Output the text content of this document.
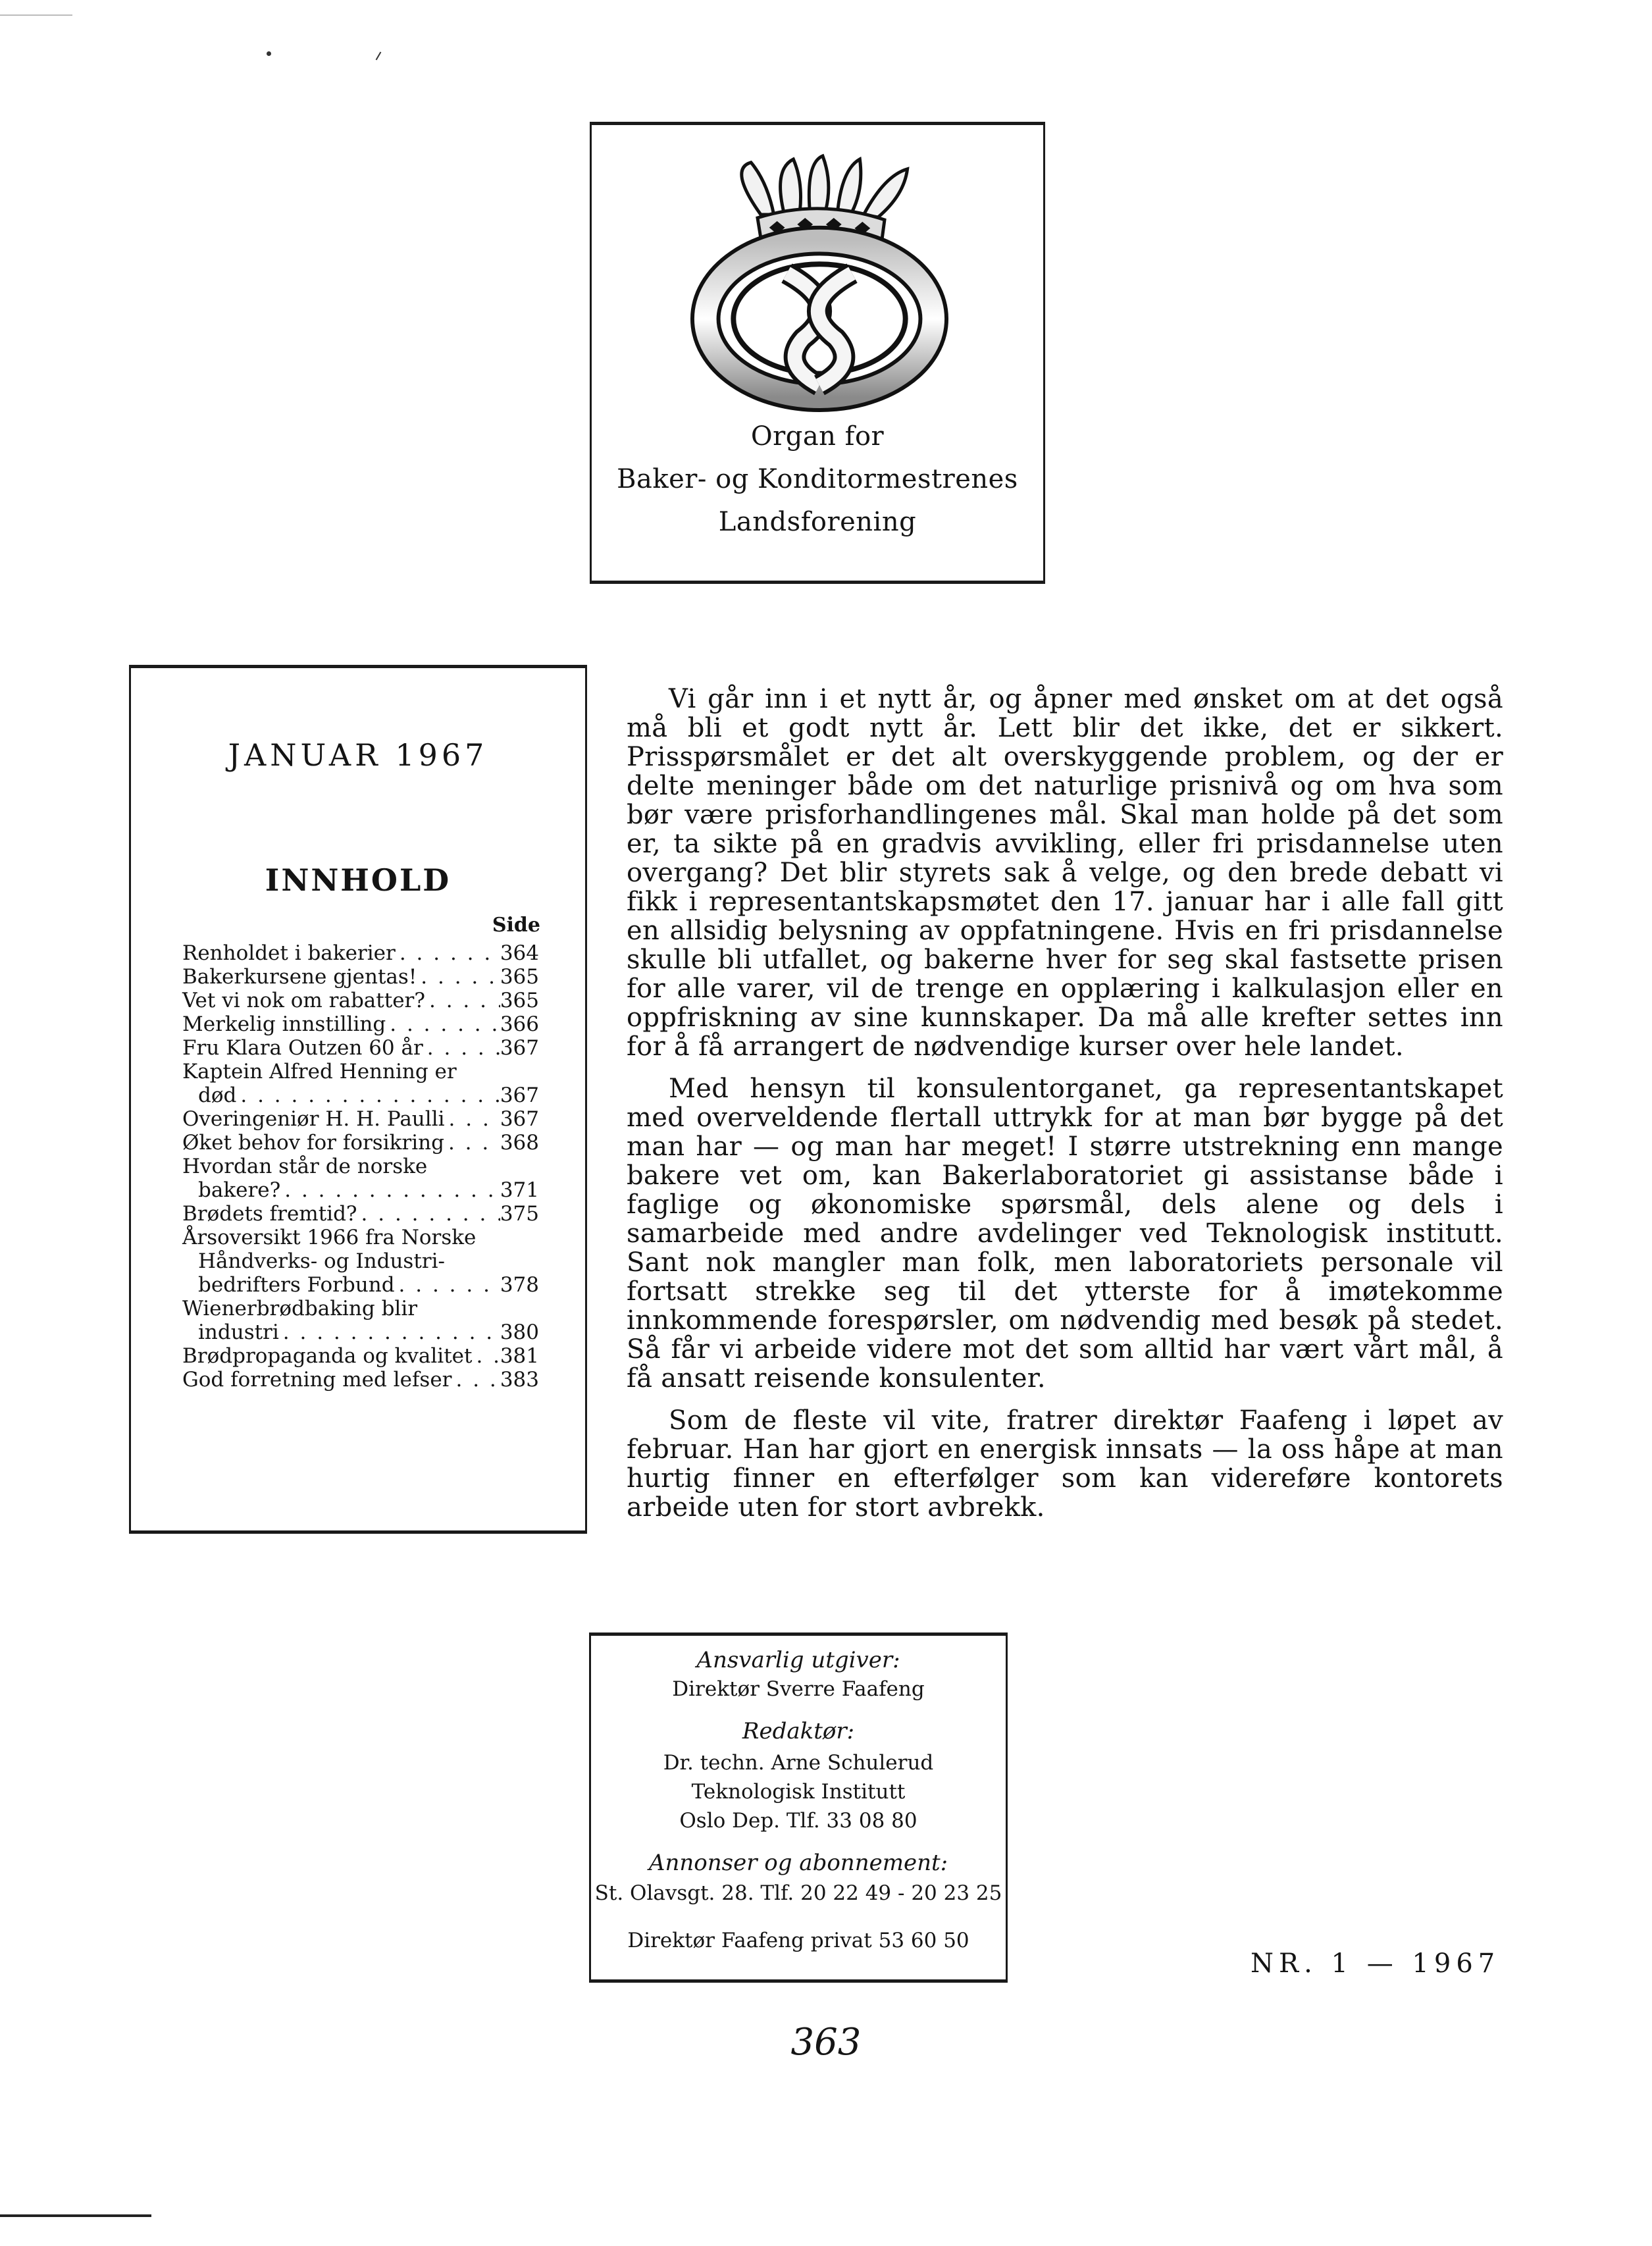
Organ for
Baker- og Konditormestrenes
Landsforening
JANUAR 1967
INNHOLD
Side
Renholdet i bakerier . . .	364
Bakerkursene gjentas! . . .	365
Vet vi nok om rabatter? . . .	365
Merkelig innstilling . . .	366
Fru Klara Outzen 60 år . . .	367
Kaptein Alfred Henning er
død . . .	367
Overingeniør H. H. Paulli . . .	367
Øket behov for forsikring . . .	368
Hvordan står de norske
bakere? . . .	371
Brødets fremtid? . . .	375
Årsoversikt 1966 fra Norske
Håndverks- og Industri-
bedrifters Forbund . . .	378
Wienerbrødbaking blir
industri . . .	380
Brødpropaganda og kvalitet . . . 381
God forretning med lefser . . . 383

Vi går inn i et nytt år, og åpner med ønsket om at det også må bli et godt nytt år. Lett blir det ikke, det er sikkert. Prisspørsmålet er det alt overskyggende problem, og der er delte meninger både om det naturlige prisnivå og om hva som bør være prisforhandlingenes mål. Skal man holde på det som er, ta sikte på en gradvis avvikling, eller fri prisdannelse uten overgang? Det blir styrets sak å velge, og den brede debatt vi fikk i representantskapsmøtet den 17. januar har i alle fall gitt en allsidig belysning av oppfatningene. Hvis en fri prisdannelse skulle bli utfallet, og bakerne hver for seg skal fastsette prisen for alle varer, vil de trenge en opplæring i kalkulasjon eller en oppfriskning av sine kunnskaper. Da må alle krefter settes inn for å få arrangert de nødvendige kurser over hele landet.

Med hensyn til konsulentorganet, ga representantskapet med overveldende flertall uttrykk for at man bør bygge på det man har — og man har meget! I større utstrekning enn mange bakere vet om, kan Bakerlaboratoriet gi assistanse både i faglige og økonomiske spørsmål, dels alene og dels i samarbeide med andre avdelinger ved Teknologisk institutt. Sant nok mangler man folk, men laboratoriets personale vil fortsatt strekke seg til det ytterste for å imøtekomme innkommende forespørsler, om nødvendig med besøk på stedet. Så får vi arbeide videre mot det som alltid har vært vårt mål, å få ansatt reisende konsulenter.

Som de fleste vil vite, fratrer direktør Faafeng i løpet av februar. Han har gjort en energisk innsats — la oss håpe at man hurtig finner en efterfølger som kan videreføre kontorets arbeide uten for stort avbrekk.

Ansvarlig utgiver:
Direktør Sverre Faafeng
Redaktør:
Dr. techn. Arne Schulerud
Teknologisk Institutt
Oslo Dep. Tlf. 33 08 80
Annonser og abonnement:
St. Olavsgt. 28. Tlf. 20 22 49 - 20 23 25
Direktør Faafeng privat 53 60 50
NR. 1 — 1967
363
